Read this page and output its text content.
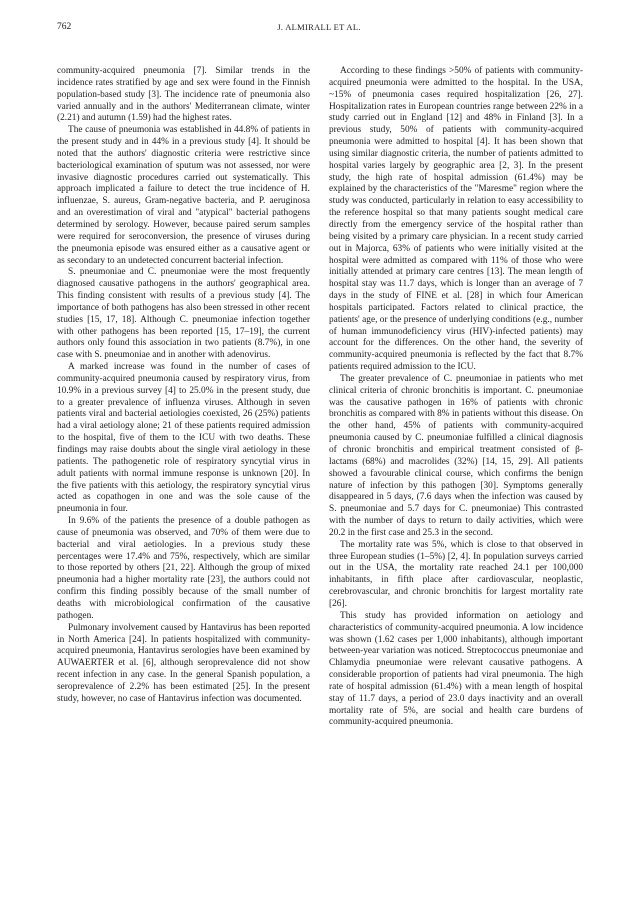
762	J. ALMIRALL ET AL.

community-acquired pneumonia [7]. Similar trends in the incidence rates stratified by age and sex were found in the Finnish population-based study [3]. The incidence rate of pneumonia also varied annually and in the authors' Mediterranean climate, winter (2.21) and autumn (1.59) had the highest rates.

The cause of pneumonia was established in 44.8% of patients in the present study and in 44% in a previous study [4]. It should be noted that the authors' diagnostic criteria were restrictive since bacteriological examination of sputum was not assessed, nor were invasive diagnostic procedures carried out systematically. This approach implicated a failure to detect the true incidence of H. influenzae, S. aureus, Gram-negative bacteria, and P. aeruginosa and an overestimation of viral and "atypical" bacterial pathogens determined by serology. However, because paired serum samples were required for seroconversion, the presence of viruses during the pneumonia episode was ensured either as a causative agent or as secondary to an undetected concurrent bacterial infection.

S. pneumoniae and C. pneumoniae were the most frequently diagnosed causative pathogens in the authors' geographical area. This finding consistent with results of a previous study [4]. The importance of both pathogens has also been stressed in other recent studies [15, 17, 18]. Although C. pneumoniae infection together with other pathogens has been reported [15, 17–19], the current authors only found this association in two patients (8.7%), in one case with S. pneumoniae and in another with adenovirus.

A marked increase was found in the number of cases of community-acquired pneumonia caused by respiratory virus, from 10.9% in a previous survey [4] to 25.0% in the present study, due to a greater prevalence of influenza viruses. Although in seven patients viral and bacterial aetiologies coexisted, 26 (25%) patients had a viral aetiology alone; 21 of these patients required admission to the hospital, five of them to the ICU with two deaths. These findings may raise doubts about the single viral aetiology in these patients. The pathogenetic role of respiratory syncytial virus in adult patients with normal immune response is unknown [20]. In the five patients with this aetiology, the respiratory syncytial virus acted as copathogen in one and was the sole cause of the pneumonia in four.

In 9.6% of the patients the presence of a double pathogen as cause of pneumonia was observed, and 70% of them were due to bacterial and viral aetiologies. In a previous study these percentages were 17.4% and 75%, respectively, which are similar to those reported by others [21, 22]. Although the group of mixed pneumonia had a higher mortality rate [23], the authors could not confirm this finding possibly because of the small number of deaths with microbiological confirmation of the causative pathogen.

Pulmonary involvement caused by Hantavirus has been reported in North America [24]. In patients hospitalized with community-acquired pneumonia, Hantavirus serologies have been examined by AUWAERTER et al. [6], although seroprevalence did not show recent infection in any case. In the general Spanish population, a seroprevalence of 2.2% has been estimated [25]. In the present study, however, no case of Hantavirus infection was documented.

According to these findings >50% of patients with community-acquired pneumonia were admitted to the hospital. In the USA, ~15% of pneumonia cases required hospitalization [26, 27]. Hospitalization rates in European countries range between 22% in a study carried out in England [12] and 48% in Finland [3]. In a previous study, 50% of patients with community-acquired pneumonia were admitted to hospital [4]. It has been shown that using similar diagnostic criteria, the number of patients admitted to hospital varies largely by geographic area [2, 3]. In the present study, the high rate of hospital admission (61.4%) may be explained by the characteristics of the "Maresme" region where the study was conducted, particularly in relation to easy accessibility to the reference hospital so that many patients sought medical care directly from the emergency service of the hospital rather than being visited by a primary care physician. In a recent study carried out in Majorca, 63% of patients who were initially visited at the hospital were admitted as compared with 11% of those who were initially attended at primary care centres [13]. The mean length of hospital stay was 11.7 days, which is longer than an average of 7 days in the study of FINE et al. [28] in which four American hospitals participated. Factors related to clinical practice, the patients' age, or the presence of underlying conditions (e.g., number of human immunodeficiency virus (HIV)-infected patients) may account for the differences. On the other hand, the severity of community-acquired pneumonia is reflected by the fact that 8.7% patients required admission to the ICU.

The greater prevalence of C. pneumoniae in patients who met clinical criteria of chronic bronchitis is important. C. pneumoniae was the causative pathogen in 16% of patients with chronic bronchitis as compared with 8% in patients without this disease. On the other hand, 45% of patients with community-acquired pneumonia caused by C. pneumoniae fulfilled a clinical diagnosis of chronic bronchitis and empirical treatment consisted of β-lactams (68%) and macrolides (32%) [14, 15, 29]. All patients showed a favourable clinical course, which confirms the benign nature of infection by this pathogen [30]. Symptoms generally disappeared in 5 days, (7.6 days when the infection was caused by S. pneumoniae and 5.7 days for C. pneumoniae) This contrasted with the number of days to return to daily activities, which were 20.2 in the first case and 25.3 in the second.

The mortality rate was 5%, which is close to that observed in three European studies (1–5%) [2, 4]. In population surveys carried out in the USA, the mortality rate reached 24.1 per 100,000 inhabitants, in fifth place after cardiovascular, neoplastic, cerebrovascular, and chronic bronchitis for largest mortality rate [26].

This study has provided information on aetiology and characteristics of community-acquired pneumonia. A low incidence was shown (1.62 cases per 1,000 inhabitants), although important between-year variation was noticed. Streptococcus pneumoniae and Chlamydia pneumoniae were relevant causative pathogens. A considerable proportion of patients had viral pneumonia. The high rate of hospital admission (61.4%) with a mean length of hospital stay of 11.7 days, a period of 23.0 days inactivity and an overall mortality rate of 5%, are social and health care burdens of community-acquired pneumonia.
